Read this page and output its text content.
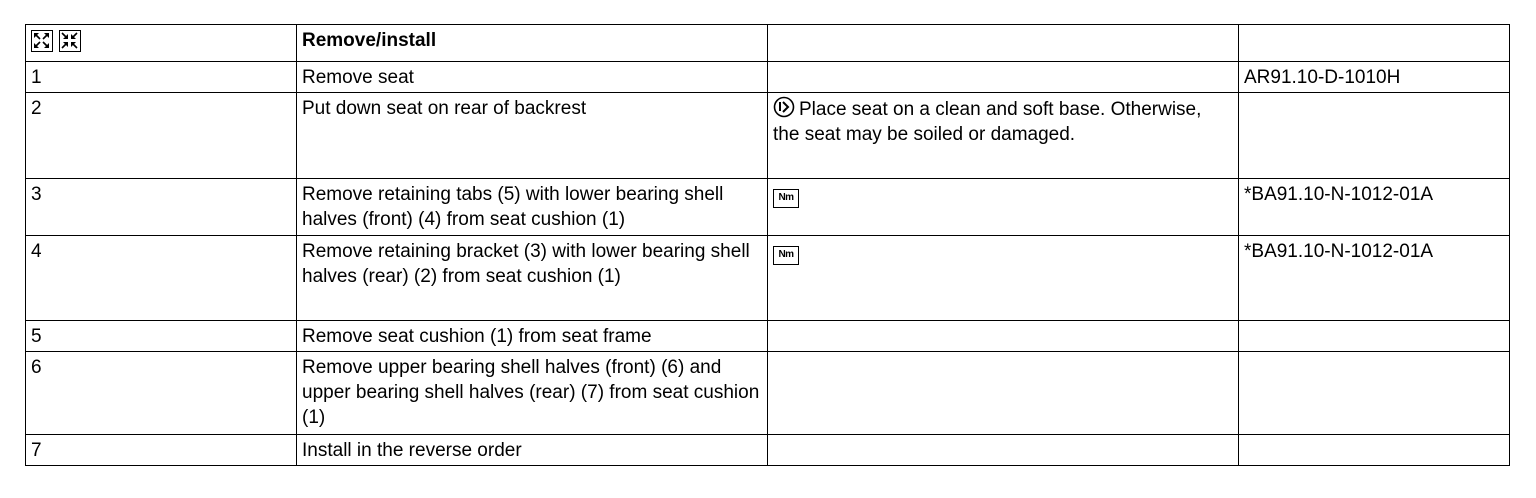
	Remove/install		
1	Remove seat		AR91.10-D-1010H
2	Put down seat on rear of backrest	Place seat on a clean and soft base. Otherwise, the seat may be soiled or damaged.	
3	Remove retaining tabs (5) with lower bearing shell halves (front) (4) from seat cushion (1)	Nm	*BA91.10-N-1012-01A
4	Remove retaining bracket (3) with lower bearing shell halves (rear) (2) from seat cushion (1)	Nm	*BA91.10-N-1012-01A
5	Remove seat cushion (1) from seat frame		
6	Remove upper bearing shell halves (front) (6) and upper bearing shell halves (rear) (7) from seat cushion (1)		
7	Install in the reverse order		
